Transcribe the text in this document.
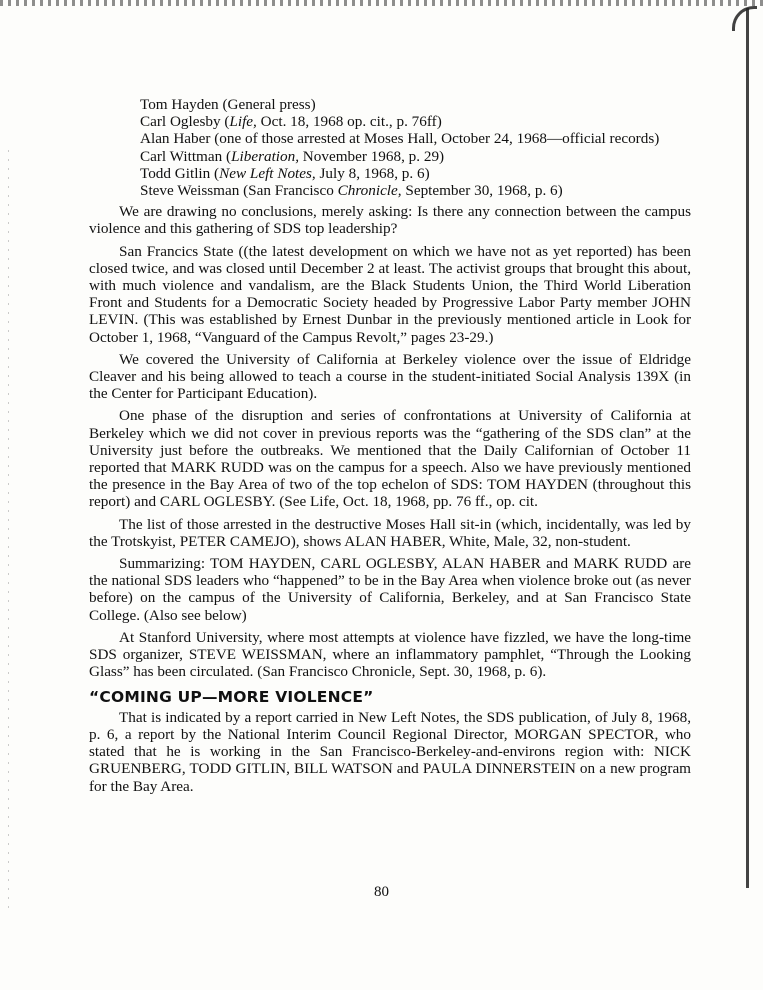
Tom Hayden (General press)
Carl Oglesby (Life, Oct. 18, 1968 op. cit., p. 76ff)
Alan Haber (one of those arrested at Moses Hall, October 24, 1968—official records)
Carl Wittman (Liberation, November 1968, p. 29)
Todd Gitlin (New Left Notes, July 8, 1968, p. 6)
Steve Weissman (San Francisco Chronicle, September 30, 1968, p. 6)

We are drawing no conclusions, merely asking: Is there any connection between the campus violence and this gathering of SDS top leadership?

San Francics State ((the latest development on which we have not as yet reported) has been closed twice, and was closed until December 2 at least. The activist groups that brought this about, with much violence and vandalism, are the Black Students Union, the Third World Liberation Front and Students for a Democratic Society headed by Progressive Labor Party member JOHN LEVIN. (This was established by Ernest Dunbar in the previously mentioned article in Look for October 1, 1968, “Vanguard of the Campus Revolt,” pages 23-29.)

We covered the University of California at Berkeley violence over the issue of Eldridge Cleaver and his being allowed to teach a course in the student-initiated Social Analysis 139X (in the Center for Participant Education).

One phase of the disruption and series of confrontations at University of California at Berkeley which we did not cover in previous reports was the “gathering of the SDS clan” at the University just before the outbreaks. We mentioned that the Daily Californian of October 11 reported that MARK RUDD was on the campus for a speech. Also we have previously mentioned the presence in the Bay Area of two of the top echelon of SDS: TOM HAYDEN (throughout this report) and CARL OGLESBY. (See Life, Oct. 18, 1968, pp. 76 ff., op. cit.

The list of those arrested in the destructive Moses Hall sit-in (which, incidentally, was led by the Trotskyist, PETER CAMEJO), shows ALAN HABER, White, Male, 32, non-student.

Summarizing: TOM HAYDEN, CARL OGLESBY, ALAN HABER and MARK RUDD are the national SDS leaders who “happened” to be in the Bay Area when violence broke out (as never before) on the campus of the University of California, Berkeley, and at San Francisco State College. (Also see below)

At Stanford University, where most attempts at violence have fizzled, we have the long-time SDS organizer, STEVE WEISSMAN, where an inflammatory pamphlet, “Through the Looking Glass” has been circulated. (San Francisco Chronicle, Sept. 30, 1968, p. 6).

“COMING UP—MORE VIOLENCE”

That is indicated by a report carried in New Left Notes, the SDS publication, of July 8, 1968, p. 6, a report by the National Interim Council Regional Director, MORGAN SPECTOR, who stated that he is working in the San Francisco-Berkeley-and-environs region with: NICK GRUENBERG, TODD GITLIN, BILL WATSON and PAULA DINNERSTEIN on a new program for the Bay Area.

80
